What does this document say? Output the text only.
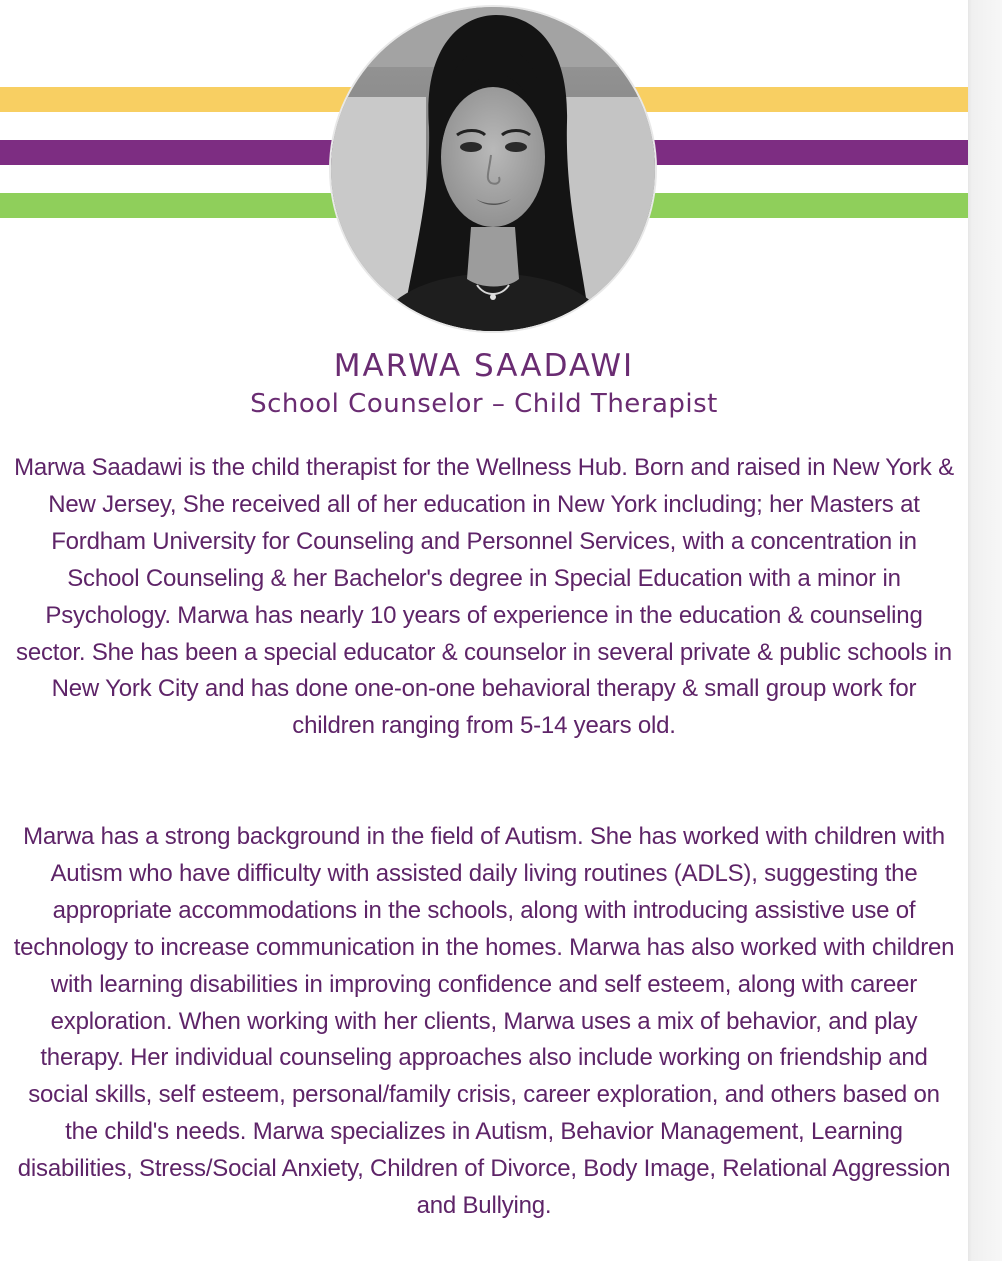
MARWA SAADAWI
School Counselor – Child Therapist

Marwa Saadawi is the child therapist for the Wellness Hub. Born and raised in New York & New Jersey, She received all of her education in New York including; her Masters at Fordham University for Counseling and Personnel Services, with a concentration in School Counseling & her Bachelor's degree in Special Education with a minor in Psychology. Marwa has nearly 10 years of experience in the education & counseling sector. She has been a special educator & counselor in several private & public schools in New York City and has done one-on-one behavioral therapy & small group work for children ranging from 5-14 years old.

Marwa has a strong background in the field of Autism. She has worked with children with Autism who have difficulty with assisted daily living routines (ADLS), suggesting the appropriate accommodations in the schools, along with introducing assistive use of technology to increase communication in the homes. Marwa has also worked with children with learning disabilities in improving confidence and self esteem, along with career exploration. When working with her clients, Marwa uses a mix of behavior, and play therapy. Her individual counseling approaches also include working on friendship and social skills, self esteem, personal/family crisis, career exploration, and others based on the child's needs. Marwa specializes in Autism, Behavior Management, Learning disabilities, Stress/Social Anxiety, Children of Divorce, Body Image, Relational Aggression and Bullying.
